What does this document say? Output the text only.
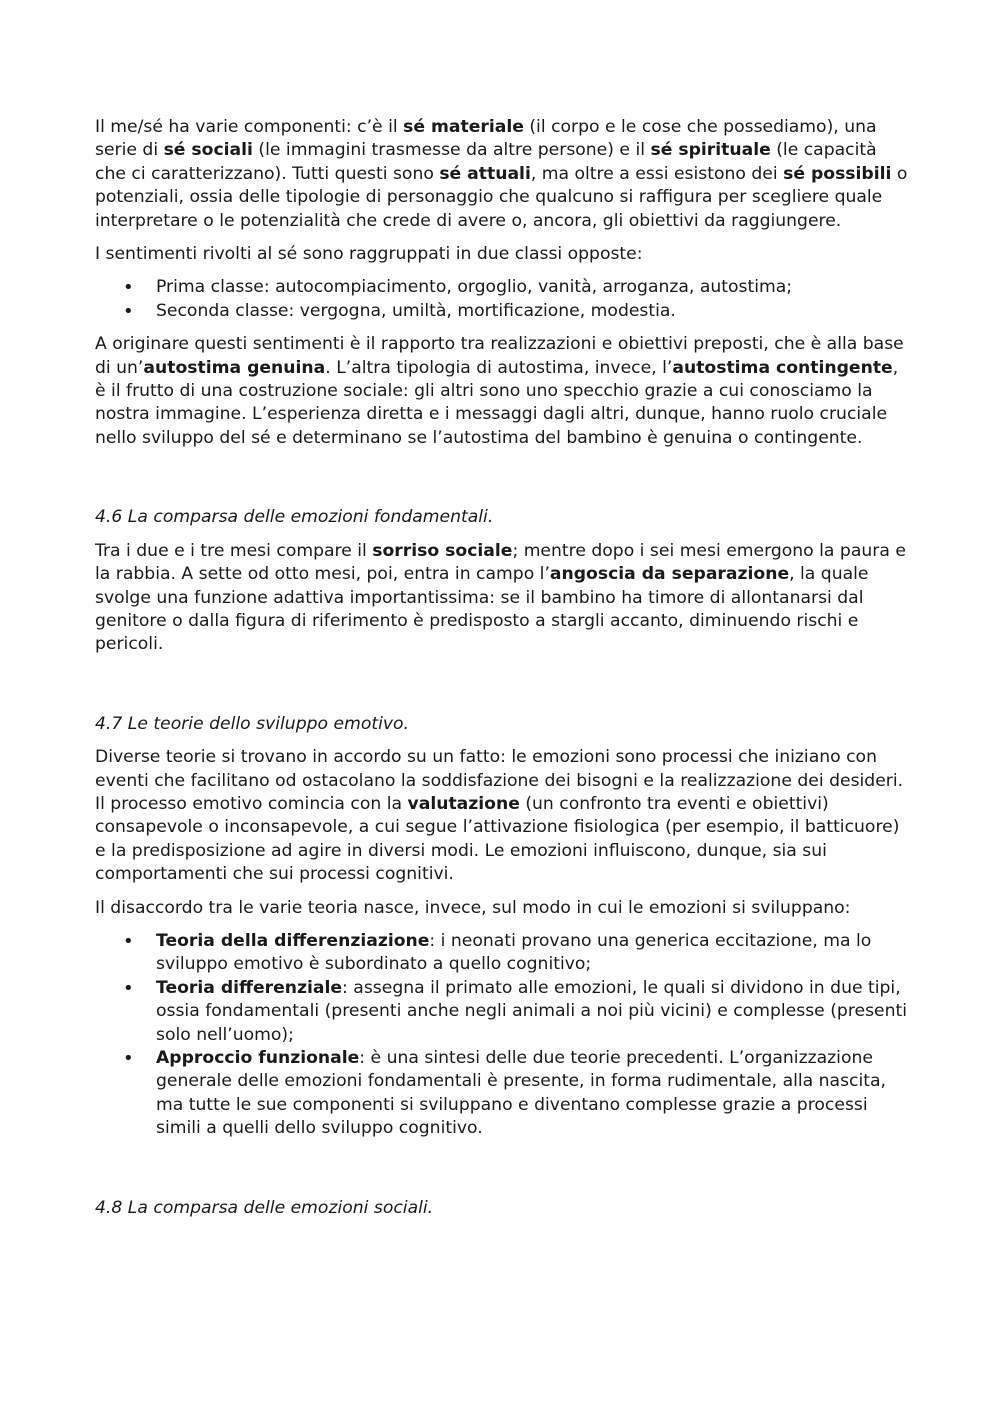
Il me/sé ha varie componenti: c’è il sé materiale (il corpo e le cose che possediamo), una serie di sé sociali (le immagini trasmesse da altre persone) e il sé spirituale (le capacità che ci caratterizzano). Tutti questi sono sé attuali, ma oltre a essi esistono dei sé possibili o potenziali, ossia delle tipologie di personaggio che qualcuno si raffigura per scegliere quale interpretare o le potenzialità che crede di avere o, ancora, gli obiettivi da raggiungere.

I sentimenti rivolti al sé sono raggruppati in due classi opposte:

• Prima classe: autocompiacimento, orgoglio, vanità, arroganza, autostima;
• Seconda classe: vergogna, umiltà, mortificazione, modestia.

A originare questi sentimenti è il rapporto tra realizzazioni e obiettivi preposti, che è alla base di un’autostima genuina. L’altra tipologia di autostima, invece, l’autostima contingente, è il frutto di una costruzione sociale: gli altri sono uno specchio grazie a cui conosciamo la nostra immagine. L’esperienza diretta e i messaggi dagli altri, dunque, hanno ruolo cruciale nello sviluppo del sé e determinano se l’autostima del bambino è genuina o contingente.

4.6 La comparsa delle emozioni fondamentali.

Tra i due e i tre mesi compare il sorriso sociale; mentre dopo i sei mesi emergono la paura e la rabbia. A sette od otto mesi, poi, entra in campo l’angoscia da separazione, la quale svolge una funzione adattiva importantissima: se il bambino ha timore di allontanarsi dal genitore o dalla figura di riferimento è predisposto a stargli accanto, diminuendo rischi e pericoli.

4.7 Le teorie dello sviluppo emotivo.

Diverse teorie si trovano in accordo su un fatto: le emozioni sono processi che iniziano con eventi che facilitano od ostacolano la soddisfazione dei bisogni e la realizzazione dei desideri. Il processo emotivo comincia con la valutazione (un confronto tra eventi e obiettivi) consapevole o inconsapevole, a cui segue l’attivazione fisiologica (per esempio, il batticuore) e la predisposizione ad agire in diversi modi. Le emozioni influiscono, dunque, sia sui comportamenti che sui processi cognitivi.

Il disaccordo tra le varie teoria nasce, invece, sul modo in cui le emozioni si sviluppano:

• Teoria della differenziazione: i neonati provano una generica eccitazione, ma lo sviluppo emotivo è subordinato a quello cognitivo;
• Teoria differenziale: assegna il primato alle emozioni, le quali si dividono in due tipi, ossia fondamentali (presenti anche negli animali a noi più vicini) e complesse (presenti solo nell’uomo);
• Approccio funzionale: è una sintesi delle due teorie precedenti. L’organizzazione generale delle emozioni fondamentali è presente, in forma rudimentale, alla nascita, ma tutte le sue componenti si sviluppano e diventano complesse grazie a processi simili a quelli dello sviluppo cognitivo.
4.8 La comparsa delle emozioni sociali.
